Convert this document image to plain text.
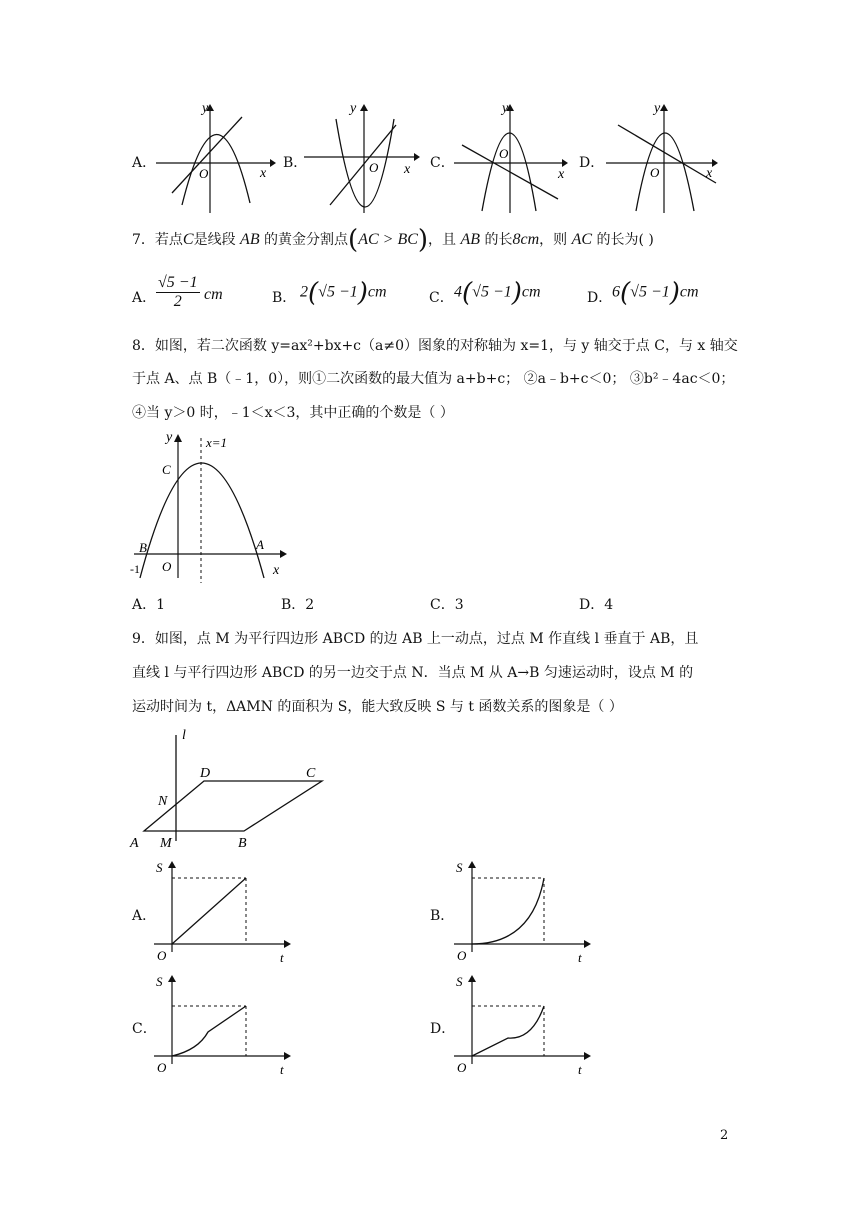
A．
y
x
O
B．
y
x
O	C．
y
x
O
D．
y
x
O
7．若点C是线段 AB 的黄金分割点(AC > BC)，且 AB 的长8cm，则 AC 的长为( )
A． $\frac{√5 -1}{2}$ cm	B． 2(√5 −1)cm	C． 4(√5 −1)cm	D． 6(√5 −1)cm
8．如图，若二次函数 y=ax²+bx+c（a≠0）图象的对称轴为 x=1，与 y 轴交于点 C，与 x 轴交
于点 A、点 B（﹣1，0），则①二次函数的最大值为 a+b+c； ②a﹣b+c＜0； ③b²﹣4ac＜0；
④当 y＞0 时，﹣1＜x＜3，其中正确的个数是（ ）
y	x=1
C
B	A
O
-1	x
A．1	B．2	C．3	D．4
9．如图，点 M 为平行四边形 ABCD 的边 AB 上一动点，过点 M 作直线 l 垂直于 AB，且
直线 l 与平行四边形 ABCD 的另一边交于点 N．当点 M 从 A→B 匀速运动时，设点 M 的
运动时间为 t，ΔAMN 的面积为 S，能大致反映 S 与 t 函数关系的图象是（ ）
l
D	C
N
A M	B
A．
S
t
O
B．
S
t
O
C．
S
t
O
D．
S
t
O
2
